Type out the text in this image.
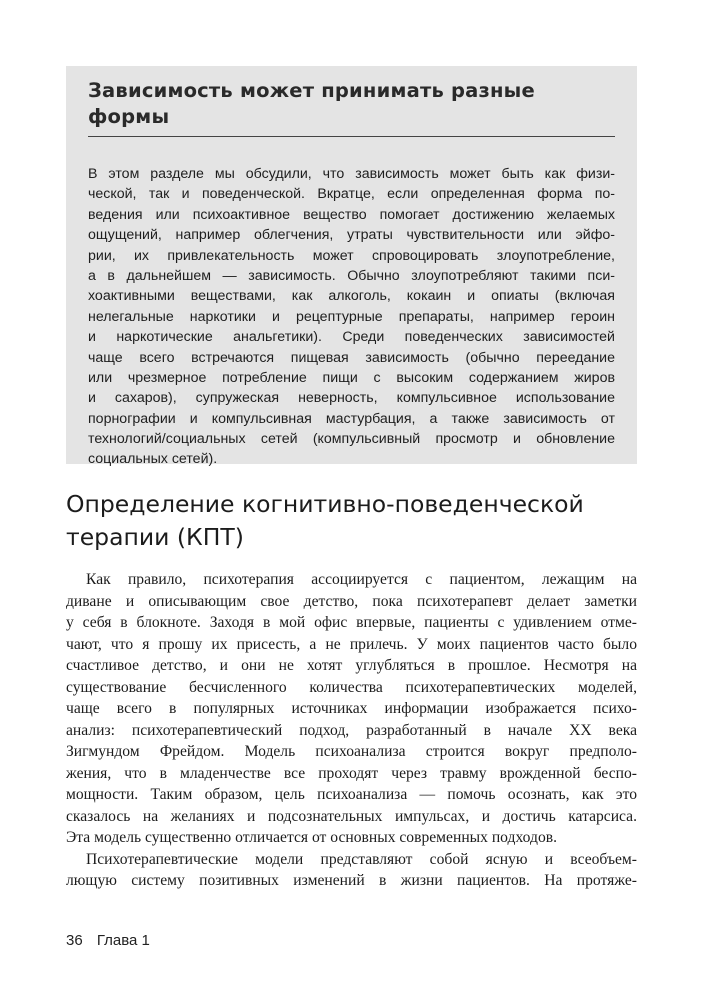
Зависимость может принимать разные формы
В этом разделе мы обсудили, что зависимость может быть как физи-
ческой, так и поведенческой. Вкратце, если определенная форма по-
ведения или психоактивное вещество помогает достижению желаемых
ощущений, например облегчения, утраты чувствительности или эйфо-
рии, их привлекательность может спровоцировать злоупотребление,
а в дальнейшем — зависимость. Обычно злоупотребляют такими пси-
хоактивными веществами, как алкоголь, кокаин и опиаты (включая
нелегальные наркотики и рецептурные препараты, например героин
и наркотические анальгетики). Среди поведенческих зависимостей
чаще всего встречаются пищевая зависимость (обычно переедание
или чрезмерное потребление пищи с высоким содержанием жиров
и сахаров), супружеская неверность, компульсивное использование
порнографии и компульсивная мастурбация, а также зависимость от
технологий/социальных сетей (компульсивный просмотр и обновление
социальных сетей).
Определение когнитивно-поведенческой
терапии (КПТ)
Как правило, психотерапия ассоциируется с пациентом, лежащим на
диване и описывающим свое детство, пока психотерапевт делает заметки
у себя в блокноте. Заходя в мой офис впервые, пациенты с удивлением отме-
чают, что я прошу их присесть, а не прилечь. У моих пациентов часто было
счастливое детство, и они не хотят углубляться в прошлое. Несмотря на
существование бесчисленного количества психотерапевтических моделей,
чаще всего в популярных источниках информации изображается психо-
анализ: психотерапевтический подход, разработанный в начале XX века
Зигмундом Фрейдом. Модель психоанализа строится вокруг предполо-
жения, что в младенчестве все проходят через травму врожденной беспо-
мощности. Таким образом, цель психоанализа — помочь осознать, как это
сказалось на желаниях и подсознательных импульсах, и достичь катарсиса.
Эта модель существенно отличается от основных современных подходов.
Психотерапевтические модели представляют собой ясную и всеобъем-
лющую систему позитивных изменений в жизни пациентов. На протяже-
36 Глава 1
